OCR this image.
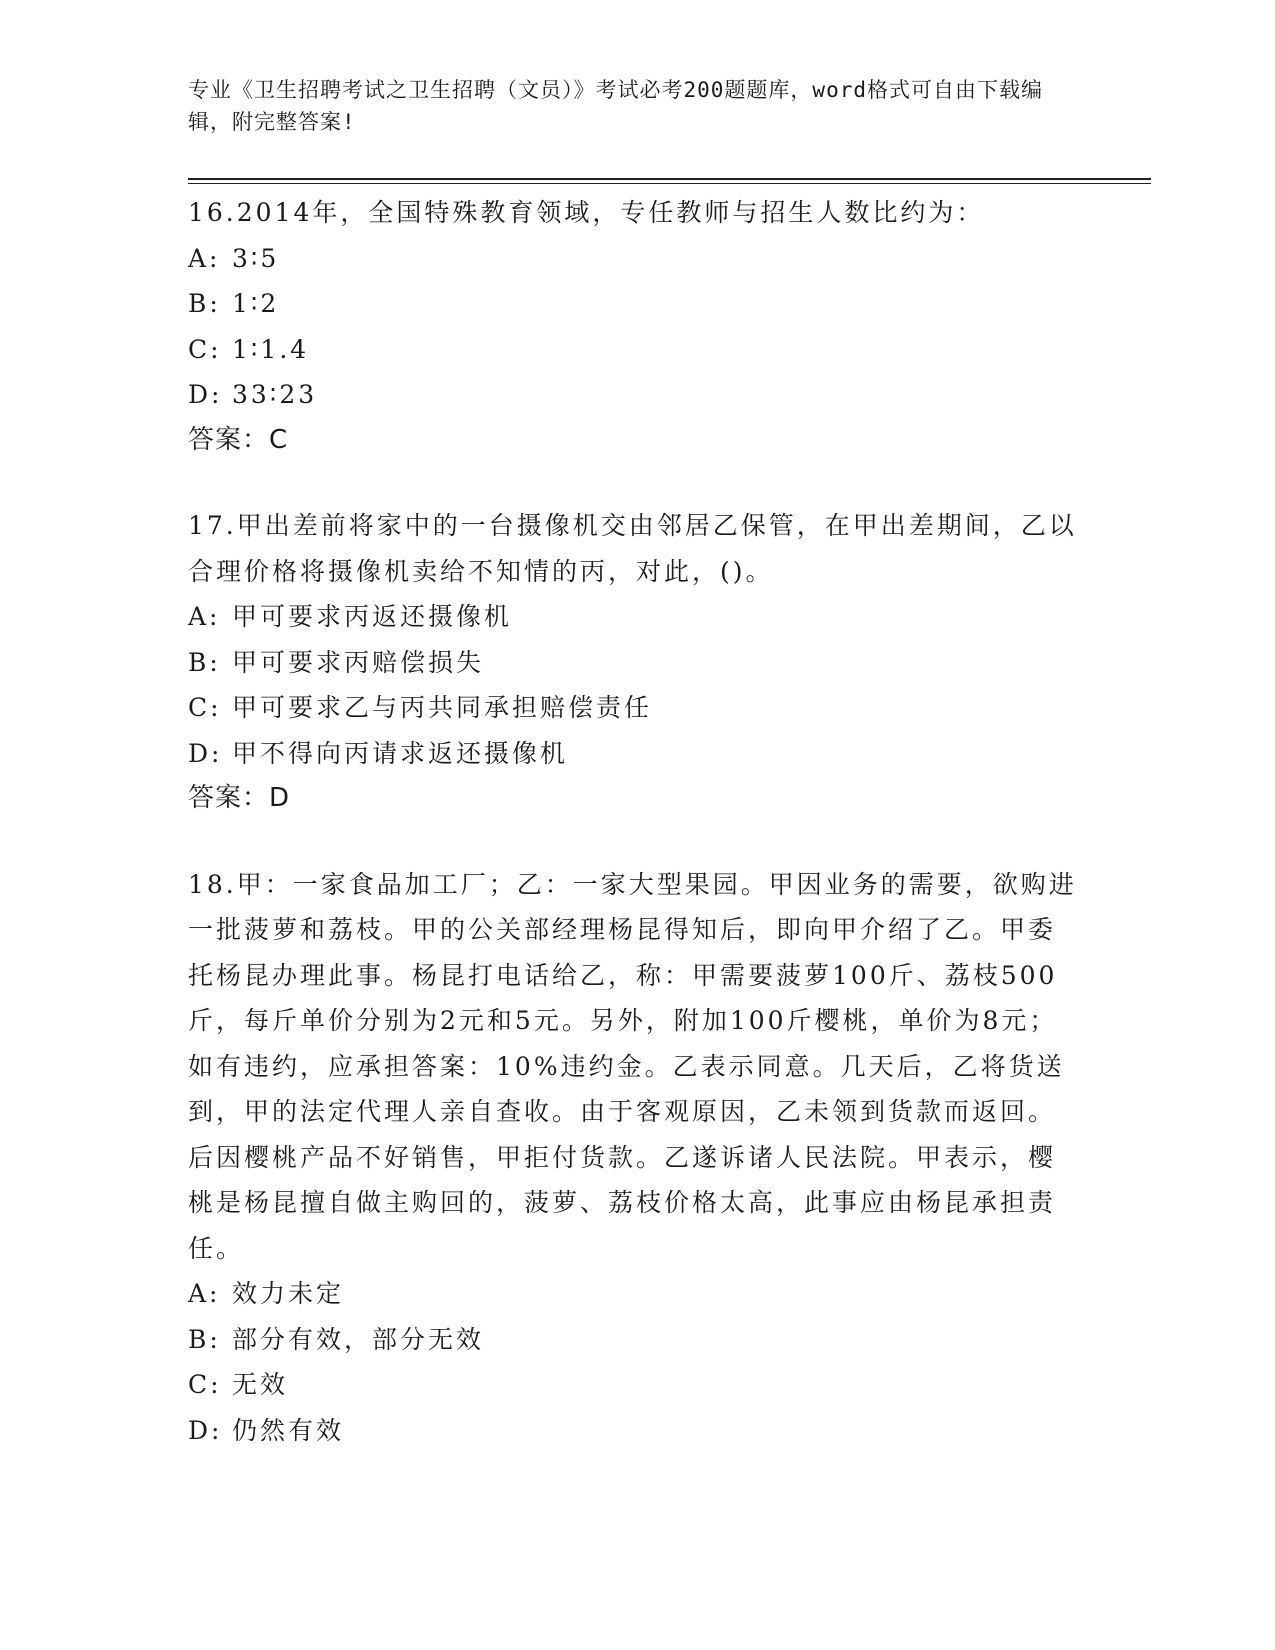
专业《卫生招聘考试之卫生招聘（文员）》考试必考200题题库，word格式可自由下载编辑，附完整答案!

16.2014年，全国特殊教育领域，专任教师与招生人数比约为：

A: 3∶5

B: 1∶2

C: 1∶1.4

D: 33∶23

答案：C

17.甲出差前将家中的一台摄像机交由邻居乙保管，在甲出差期间，乙以合理价格将摄像机卖给不知情的丙，对此，()。

A: 甲可要求丙返还摄像机

B: 甲可要求丙赔偿损失

C: 甲可要求乙与丙共同承担赔偿责任

D: 甲不得向丙请求返还摄像机

答案：D

18.甲：一家食品加工厂；乙：一家大型果园。甲因业务的需要，欲购进一批菠萝和荔枝。甲的公关部经理杨昆得知后，即向甲介绍了乙。甲委托杨昆办理此事。杨昆打电话给乙，称：甲需要菠萝100斤、荔枝500斤，每斤单价分别为2元和5元。另外，附加100斤樱桃，单价为8元；如有违约，应承担答案：10%违约金。乙表示同意。几天后，乙将货送到，甲的法定代理人亲自查收。由于客观原因，乙未领到货款而返回。后因樱桃产品不好销售，甲拒付货款。乙遂诉诸人民法院。甲表示，樱桃是杨昆擅自做主购回的，菠萝、荔枝价格太高，此事应由杨昆承担责任。

A: 效力未定

B: 部分有效，部分无效

C: 无效

D: 仍然有效
